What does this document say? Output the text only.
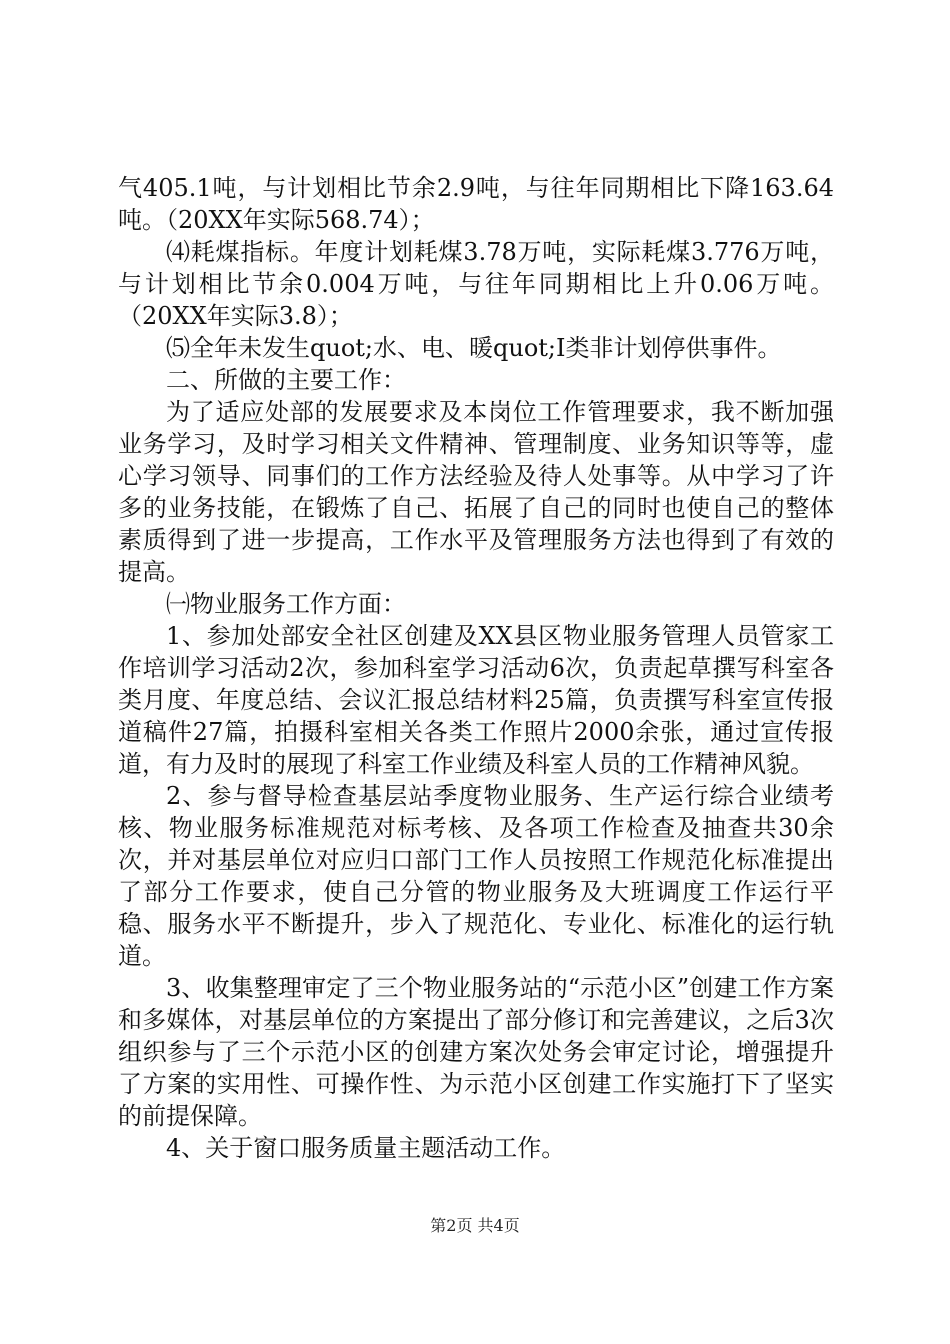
气405.1吨，与计划相比节余2.9吨，与往年同期相比下降163.64吨。（20XX年实际568.74）；

⑷耗煤指标。年度计划耗煤3.78万吨，实际耗煤3.776万吨，与计划相比节余0.004万吨，与往年同期相比上升0.06万吨。（20XX年实际3.8）；

⑸全年未发生quot;水、电、暖quot;Ⅰ类非计划停供事件。

二、所做的主要工作：

为了适应处部的发展要求及本岗位工作管理要求，我不断加强业务学习，及时学习相关文件精神、管理制度、业务知识等等，虚心学习领导、同事们的工作方法经验及待人处事等。从中学习了许多的业务技能，在锻炼了自己、拓展了自己的同时也使自己的整体素质得到了进一步提高，工作水平及管理服务方法也得到了有效的提高。

㈠物业服务工作方面：

1、参加处部安全社区创建及XX县区物业服务管理人员管家工作培训学习活动2次，参加科室学习活动6次，负责起草撰写科室各类月度、年度总结、会议汇报总结材料25篇，负责撰写科室宣传报道稿件27篇，拍摄科室相关各类工作照片2000余张，通过宣传报道，有力及时的展现了科室工作业绩及科室人员的工作精神风貌。

2、参与督导检查基层站季度物业服务、生产运行综合业绩考核、物业服务标准规范对标考核、及各项工作检查及抽查共30余次，并对基层单位对应归口部门工作人员按照工作规范化标准提出了部分工作要求，使自己分管的物业服务及大班调度工作运行平稳、服务水平不断提升，步入了规范化、专业化、标准化的运行轨道。

3、收集整理审定了三个物业服务站的“示范小区”创建工作方案和多媒体，对基层单位的方案提出了部分修订和完善建议，之后3次组织参与了三个示范小区的创建方案次处务会审定讨论，增强提升了方案的实用性、可操作性、为示范小区创建工作实施打下了坚实的前提保障。

4、关于窗口服务质量主题活动工作。

第2页 共4页
